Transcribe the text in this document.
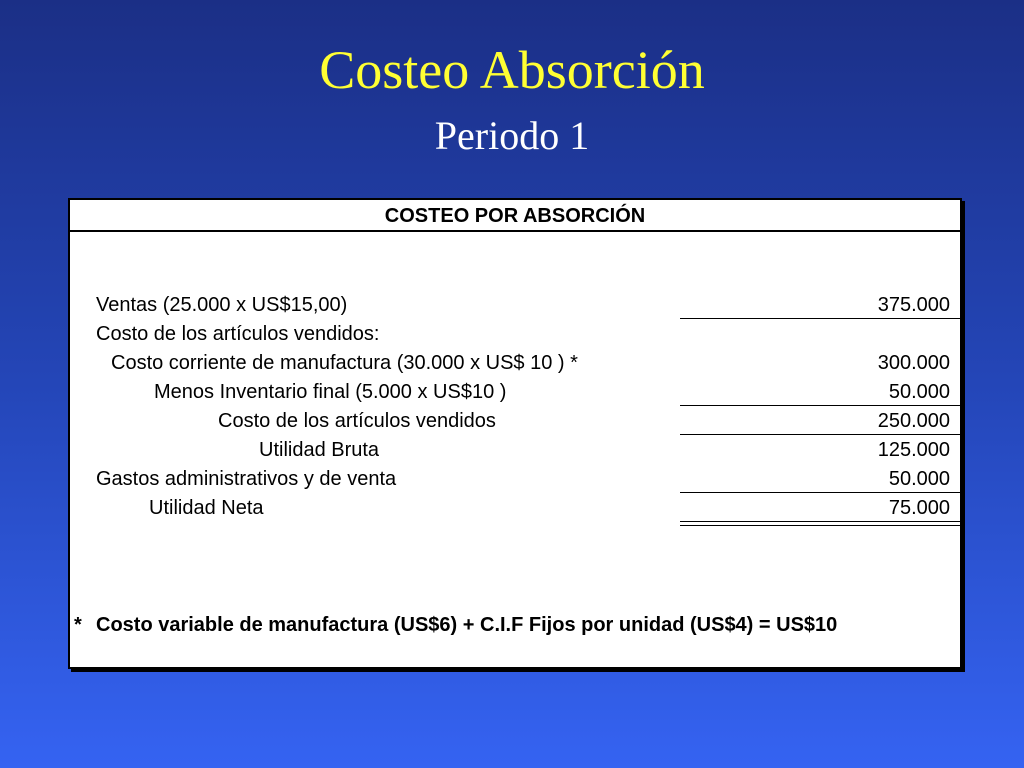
Costeo Absorción
Periodo 1
COSTEO POR ABSORCIÓN
Ventas (25.000 x US$15,00)	375.000
Costo de los artículos vendidos:
Costo corriente de manufactura (30.000 x US$ 10 ) *	300.000
Menos Inventario final (5.000 x US$10 )	50.000
Costo de los artículos vendidos	250.000
Utilidad Bruta	125.000
Gastos administrativos y de venta	50.000
Utilidad Neta	75.000
* Costo variable de manufactura (US$6) + C.I.F Fijos por unidad (US$4) = US$10
